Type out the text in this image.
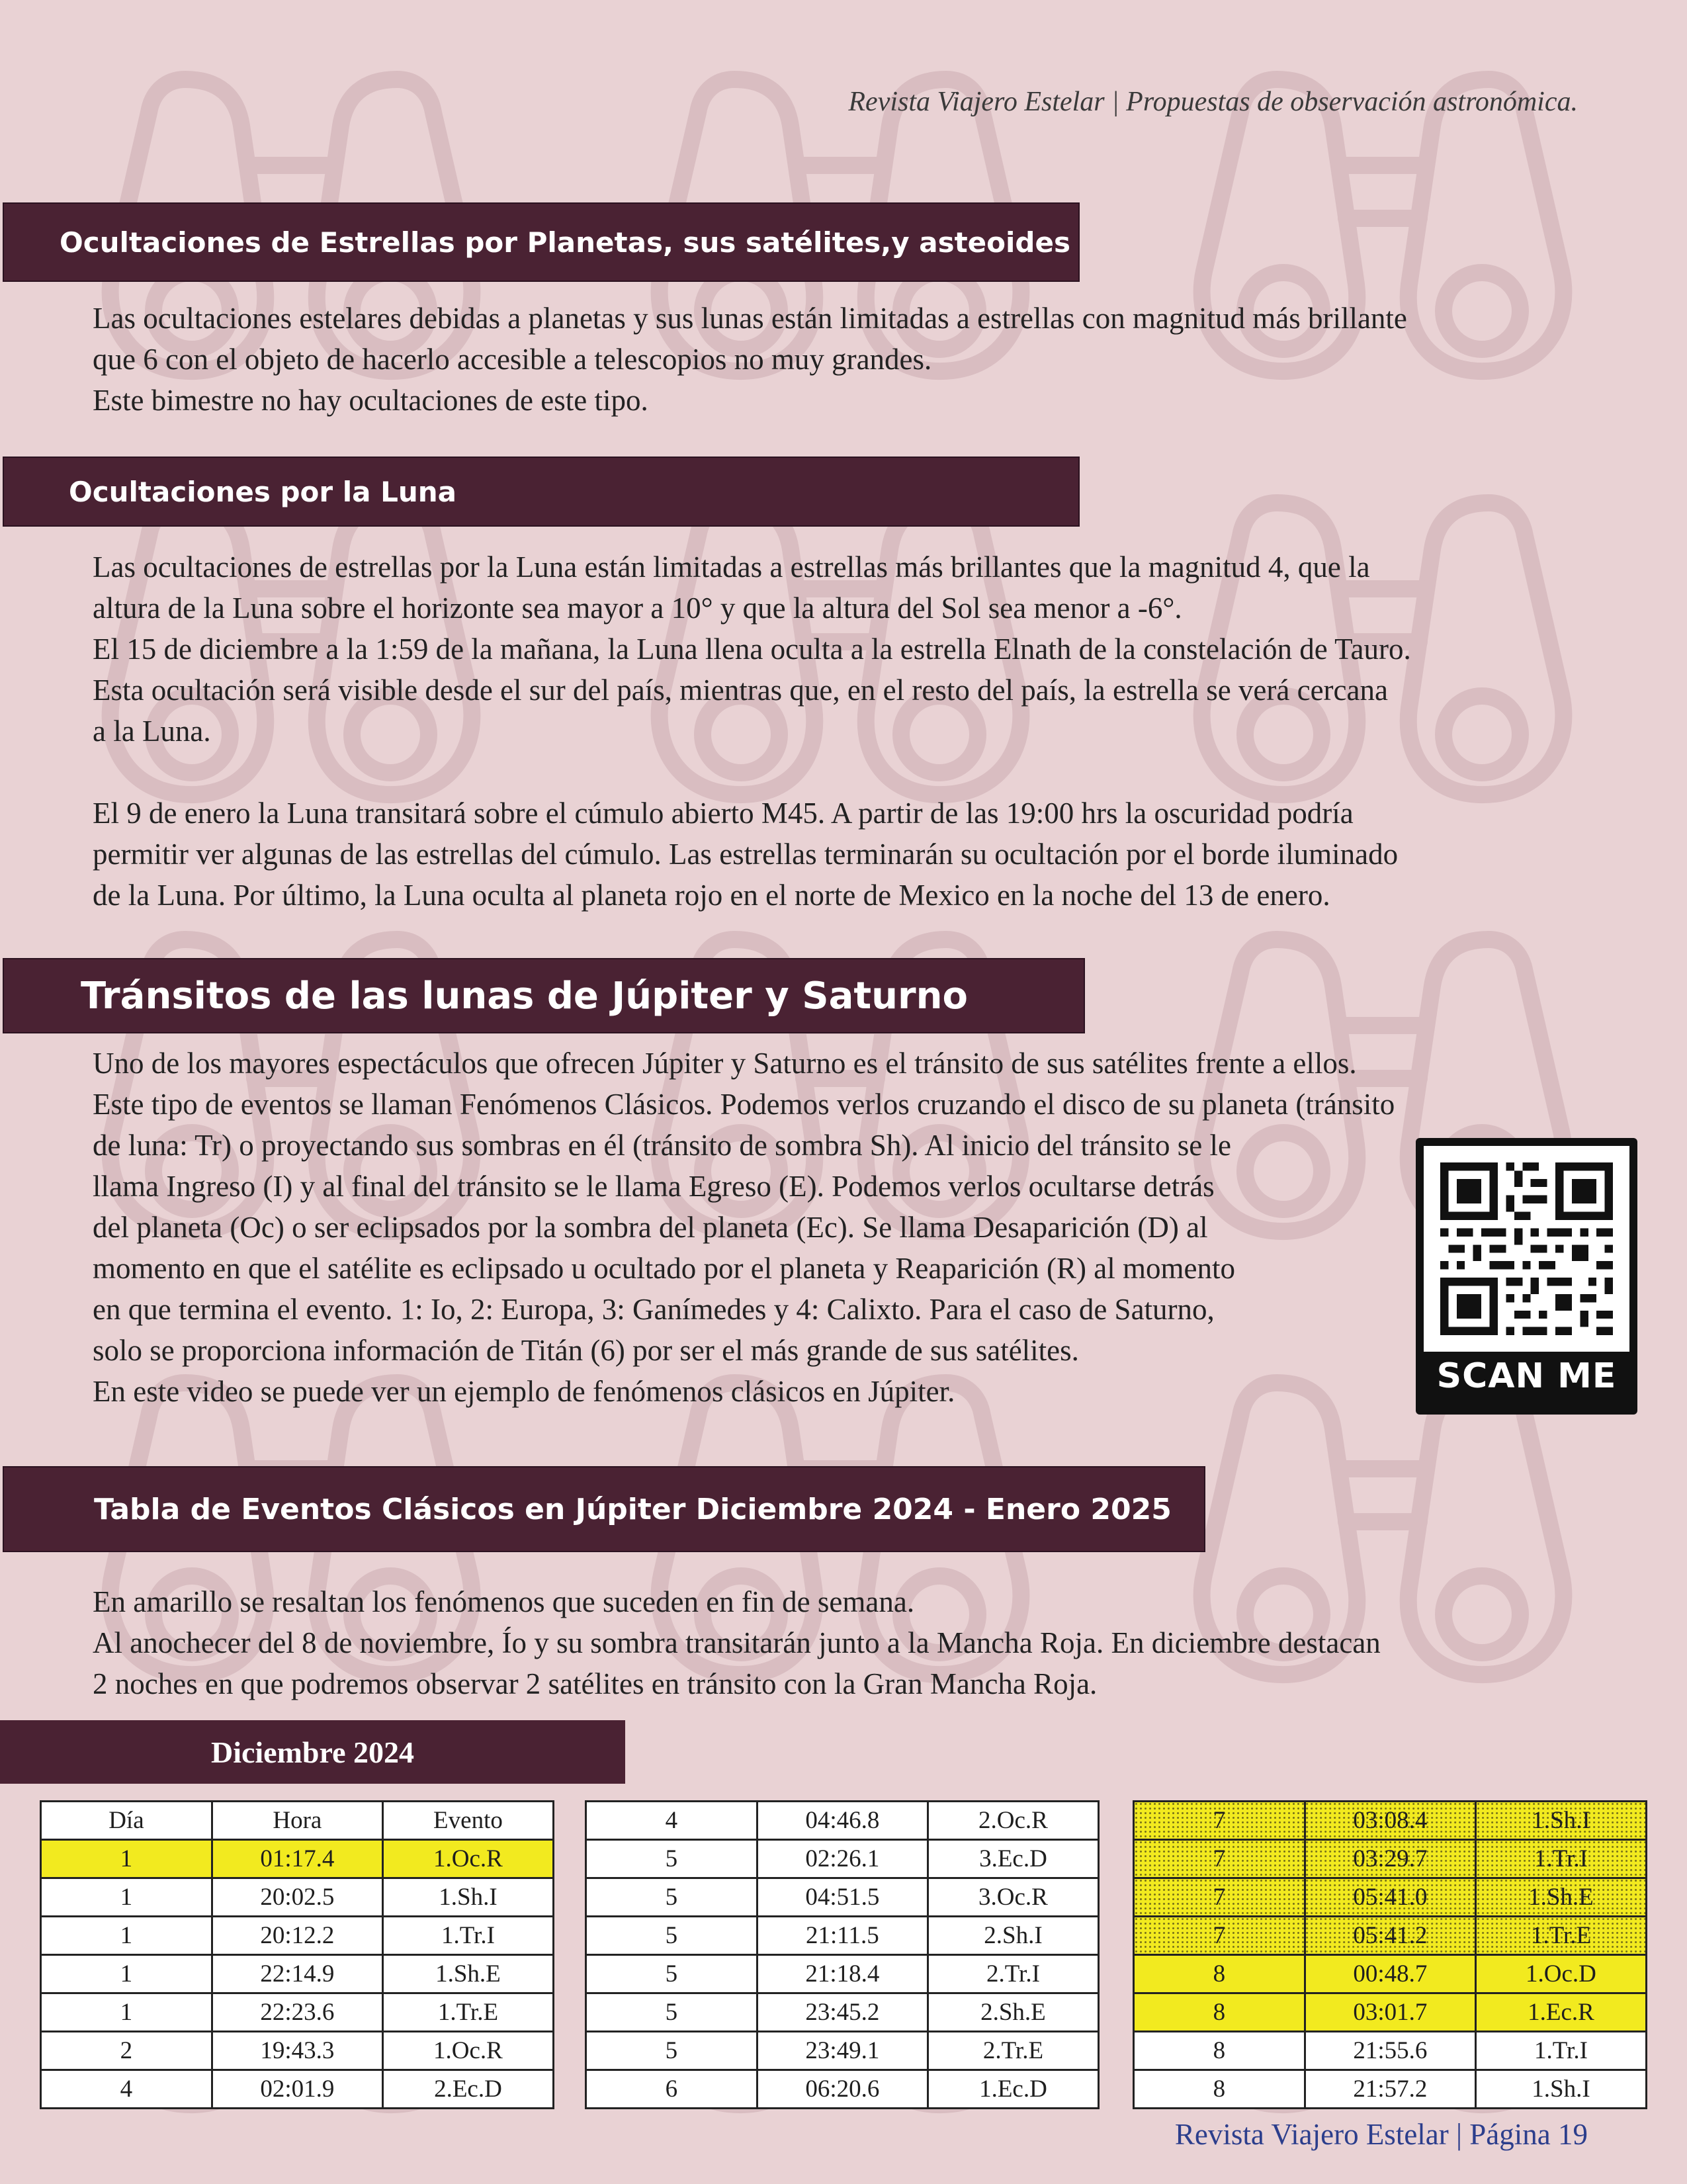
Revista Viajero Estelar | Propuestas de observación astronómica.
Ocultaciones de Estrellas por Planetas, sus satélites,y asteoides

Las ocultaciones estelares debidas a planetas y sus lunas están limitadas a estrellas con magnitud más brillante

que 6 con el objeto de hacerlo accesible a telescopios no muy grandes.

Este bimestre no hay ocultaciones de este tipo.

Ocultaciones por la Luna

Las ocultaciones de estrellas por la Luna están limitadas a estrellas más brillantes que la magnitud 4, que la

altura de la Luna sobre el horizonte sea mayor a 10° y que la altura del Sol sea menor a -6°.

El 15 de diciembre a la 1:59 de la mañana, la Luna llena oculta a la estrella Elnath de la constelación de Tauro.

Esta ocultación será visible desde el sur del país, mientras que, en el resto del país, la estrella se verá cercana

a la Luna.

El 9 de enero la Luna transitará sobre el cúmulo abierto M45. A partir de las 19:00 hrs la oscuridad podría

permitir ver algunas de las estrellas del cúmulo. Las estrellas terminarán su ocultación por el borde iluminado

de la Luna. Por último, la Luna oculta al planeta rojo en el norte de Mexico en la noche del 13 de enero.

Tránsitos de las lunas de Júpiter y Saturno

Uno de los mayores espectáculos que ofrecen Júpiter y Saturno es el tránsito de sus satélites frente a ellos.

Este tipo de eventos se llaman Fenómenos Clásicos. Podemos verlos cruzando el disco de su planeta (tránsito

de luna: Tr) o proyectando sus sombras en él (tránsito de sombra Sh). Al inicio del tránsito se le

llama Ingreso (I) y al final del tránsito se le llama Egreso (E). Podemos verlos ocultarse detrás

del planeta (Oc) o ser eclipsados por la sombra del planeta (Ec). Se llama Desaparición (D) al

momento en que el satélite es eclipsado u ocultado por el planeta y Reaparición (R) al momento

en que termina el evento. 1: Io, 2: Europa, 3: Ganímedes y 4: Calixto. Para el caso de Saturno,

solo se proporciona información de Titán (6) por ser el más grande de sus satélites.

En este video se puede ver un ejemplo de fenómenos clásicos en Júpiter.	SCAN ME
Tabla de Eventos Clásicos en Júpiter Diciembre 2024 - Enero 2025

En amarillo se resaltan los fenómenos que suceden en fin de semana.

Al anochecer del 8 de noviembre, Ío y su sombra transitarán junto a la Mancha Roja. En diciembre destacan

2 noches en que podremos observar 2 satélites en tránsito con la Gran Mancha Roja.

Diciembre 2024
Día	Hora	Evento
1	01:17.4	1.Oc.R
1	20:02.5	1.Sh.I
1	20:12.2	1.Tr.I
1	22:14.9	1.Sh.E
1	22:23.6	1.Tr.E
2	19:43.3	1.Oc.R
4	02:01.9	2.Ec.D
4	04:46.8	2.Oc.R
5	02:26.1	3.Ec.D
5	04:51.5	3.Oc.R
5	21:11.5	2.Sh.I
5	21:18.4	2.Tr.I
5	23:45.2	2.Sh.E
5	23:49.1	2.Tr.E
6	06:20.6	1.Ec.D
7	03:08.4	1.Sh.I
7	03:29.7	1.Tr.I
7	05:41.0	1.Sh.E
7	05:41.2	1.Tr.E
8	00:48.7	1.Oc.D
8	03:01.7	1.Ec.R
8	21:55.6	1.Tr.I
8	21:57.2	1.Sh.I
Revista Viajero Estelar | Página 19
